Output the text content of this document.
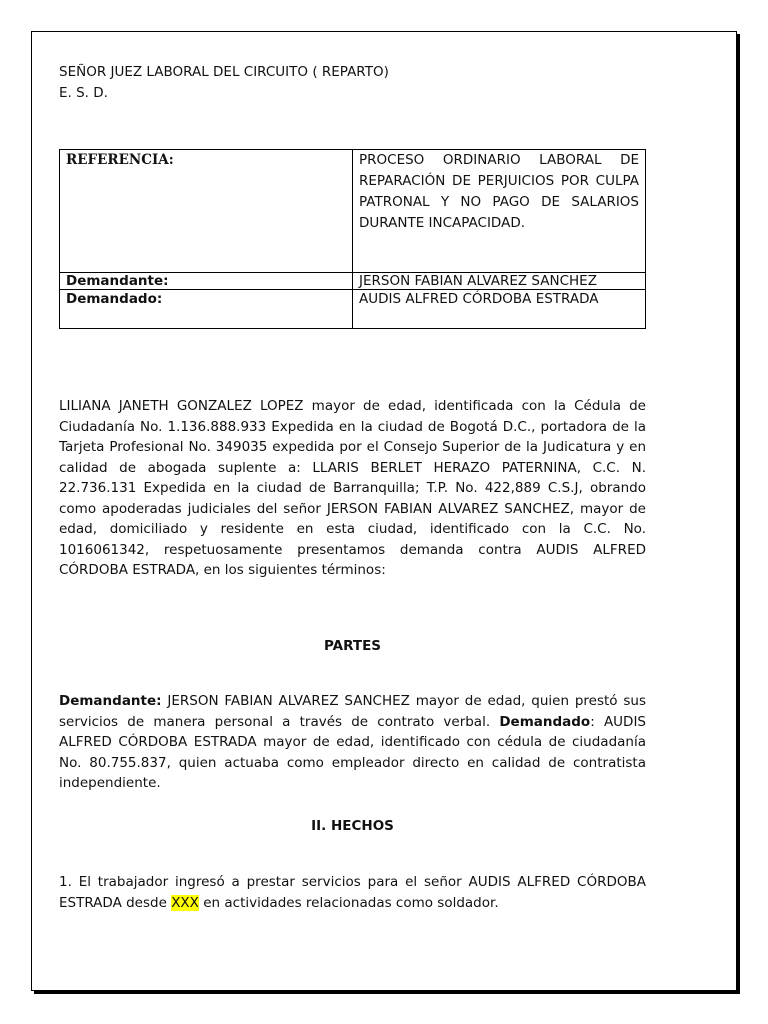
SEÑOR JUEZ LABORAL DEL CIRCUITO ( REPARTO)
E. S. D.
REFERENCIA:	PROCESO ORDINARIO LABORAL DE REPARACIÓN DE PERJUICIOS POR CULPA PATRONAL Y NO PAGO DE SALARIOS DURANTE INCAPACIDAD.
Demandante:	JERSON FABIAN ALVAREZ SANCHEZ
Demandado:	AUDIS ALFRED CÓRDOBA ESTRADA
LILIANA JANETH GONZALEZ LOPEZ mayor de edad, identificada con la Cédula de Ciudadanía No. 1.136.888.933 Expedida en la ciudad de Bogotá D.C., portadora de la Tarjeta Profesional No. 349035 expedida por el Consejo Superior de la Judicatura y en calidad de abogada suplente a: LLARIS BERLET HERAZO PATERNINA, C.C. N. 22.736.131 Expedida en la ciudad de Barranquilla; T.P. No. 422,889 C.S.J, obrando como apoderadas judiciales del señor JERSON FABIAN ALVAREZ SANCHEZ, mayor de edad, domiciliado y residente en esta ciudad, identificado con la C.C. No. 1016061342, respetuosamente presentamos demanda contra AUDIS ALFRED CÓRDOBA ESTRADA, en los siguientes términos:
PARTES
Demandante: JERSON FABIAN ALVAREZ SANCHEZ mayor de edad, quien prestó sus servicios de manera personal a través de contrato verbal. Demandado: AUDIS ALFRED CÓRDOBA ESTRADA mayor de edad, identificado con cédula de ciudadanía No. 80.755.837, quien actuaba como empleador directo en calidad de contratista independiente.
II. HECHOS
1. El trabajador ingresó a prestar servicios para el señor AUDIS ALFRED CÓRDOBA ESTRADA desde XXX en actividades relacionadas como soldador.
